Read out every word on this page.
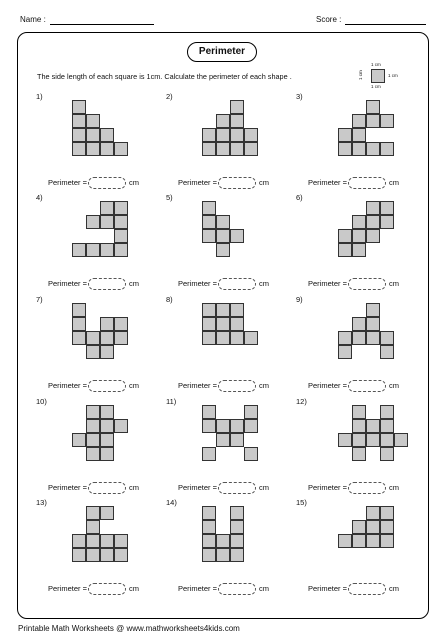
Name :	Score :
Perimeter
The side length of each square is 1cm. Calculate the perimeter of each shape .
1 cm
1 cm
1 cm	1 cm
1)
Perimeter =	cm
2)
Perimeter =	cm
3)
Perimeter =	cm
4)
Perimeter =	cm
5)
Perimeter =	cm
6)
Perimeter =	cm
7)
Perimeter =	cm
8)
Perimeter =	cm
9)
Perimeter =	cm
10)
Perimeter =	cm
11)
Perimeter =	cm
12)
Perimeter =	cm
13)
Perimeter =	cm
14)
Perimeter =	cm
15)
Perimeter =	cm
Printable Math Worksheets @ www.mathworksheets4kids.com
